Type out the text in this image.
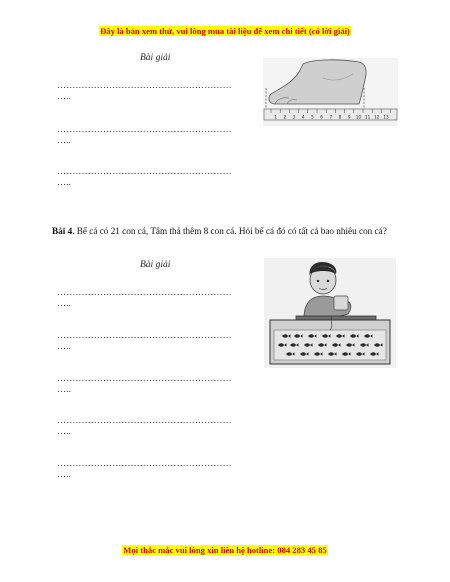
Đây là bản xem thử, vui lòng mua tài liệu để xem chi tiết (có lời giải)
Bài giải
…………………………………………………
…..
…………………………………………………
…..
…………………………………………………
…..
1 2 3 4 5 6 7 8 9 10 11 12 13
Bài 4. Bể cá có 21 con cá, Tâm thả thêm 8 con cá. Hỏi bể cá đó có tất cả bao nhiêu con cá?
Bài giải
…………………………………………………
…..
…………………………………………………
…..
…………………………………………………
…..
…………………………………………………
…..
…………………………………………………
…..
Mọi thắc mắc vui lòng xin liên hệ hotline: 084 283 45 85
